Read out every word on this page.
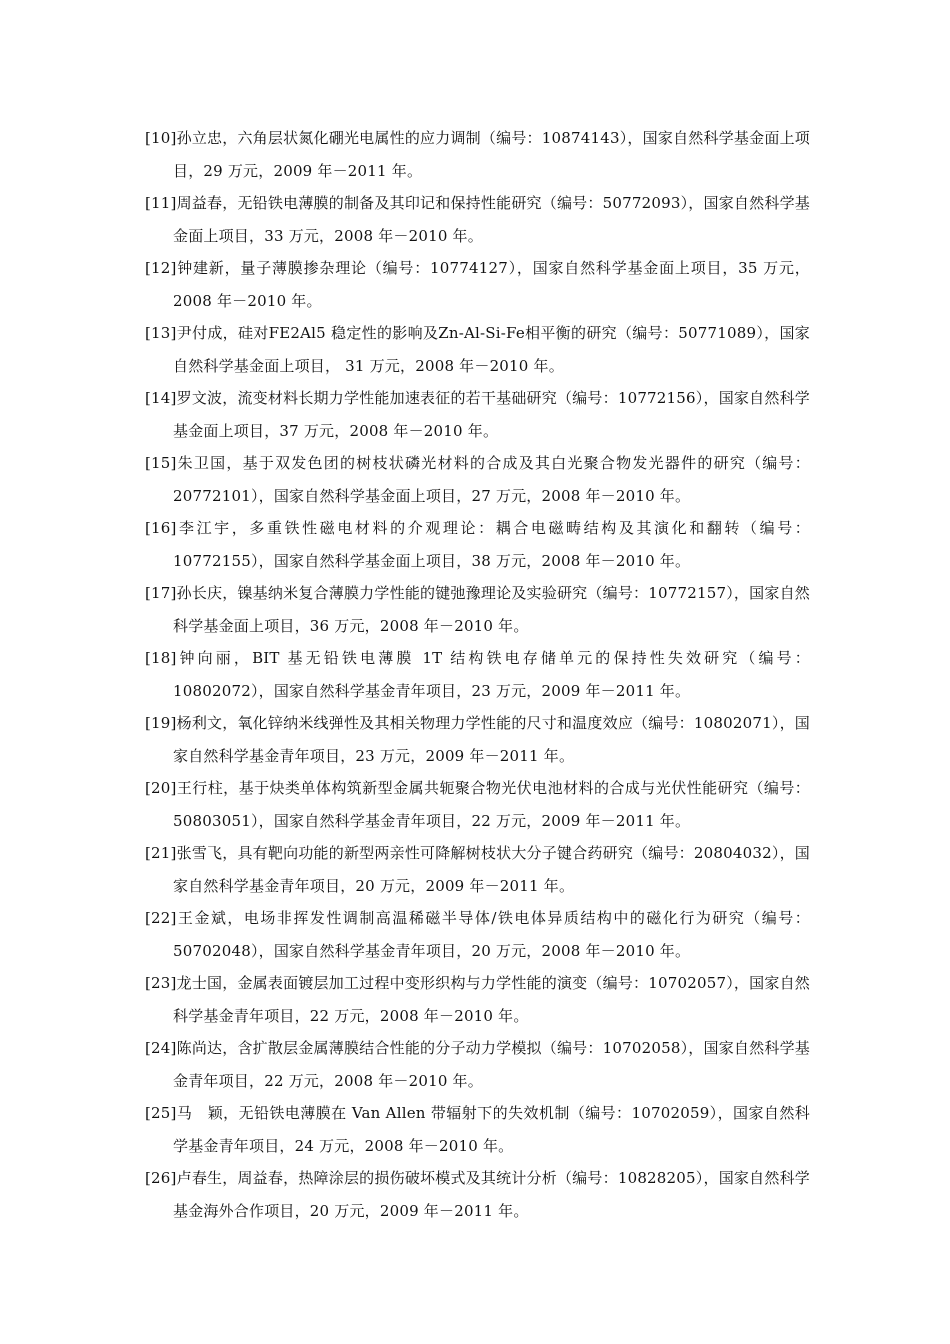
[10]孙立忠，六角层状氮化硼光电属性的应力调制（编号：10874143），国家自然科学基金面上项目，29 万元，2009 年－2011 年。
[11]周益春，无铅铁电薄膜的制备及其印记和保持性能研究（编号：50772093），国家自然科学基金面上项目，33 万元，2008 年－2010 年。
[12]钟建新，量子薄膜掺杂理论（编号：10774127），国家自然科学基金面上项目，35 万元，2008 年－2010 年。
[13]尹付成，硅对FE2Al5 稳定性的影响及Zn-Al-Si-Fe相平衡的研究（编号：50771089），国家自然科学基金面上项目， 31 万元，2008 年－2010 年。
[14]罗文波，流变材料长期力学性能加速表征的若干基础研究（编号：10772156），国家自然科学基金面上项目，37 万元，2008 年－2010 年。
[15]朱卫国，基于双发色团的树枝状磷光材料的合成及其白光聚合物发光器件的研究（编号：20772101），国家自然科学基金面上项目，27 万元，2008 年－2010 年。
[16]李江宇，多重铁性磁电材料的介观理论：耦合电磁畴结构及其演化和翻转（编号：10772155），国家自然科学基金面上项目，38 万元，2008 年－2010 年。
[17]孙长庆，镍基纳米复合薄膜力学性能的键弛豫理论及实验研究（编号：10772157），国家自然科学基金面上项目，36 万元，2008 年－2010 年。
[18]钟向丽，BIT 基无铅铁电薄膜 1T 结构铁电存储单元的保持性失效研究（编号：10802072），国家自然科学基金青年项目，23 万元，2009 年－2011 年。
[19]杨利文，氧化锌纳米线弹性及其相关物理力学性能的尺寸和温度效应（编号：10802071），国家自然科学基金青年项目，23 万元，2009 年－2011 年。
[20]王行柱，基于炔类单体构筑新型金属共轭聚合物光伏电池材料的合成与光伏性能研究（编号：50803051），国家自然科学基金青年项目，22 万元，2009 年－2011 年。
[21]张雪飞，具有靶向功能的新型两亲性可降解树枝状大分子键合药研究（编号：20804032），国家自然科学基金青年项目，20 万元，2009 年－2011 年。
[22]王金斌，电场非挥发性调制高温稀磁半导体/铁电体异质结构中的磁化行为研究（编号：50702048），国家自然科学基金青年项目，20 万元，2008 年－2010 年。
[23]龙士国，金属表面镀层加工过程中变形织构与力学性能的演变（编号：10702057），国家自然科学基金青年项目，22 万元，2008 年－2010 年。
[24]陈尚达，含扩散层金属薄膜结合性能的分子动力学模拟（编号：10702058），国家自然科学基金青年项目，22 万元，2008 年－2010 年。
[25]马　颖，无铅铁电薄膜在 Van Allen 带辐射下的失效机制（编号：10702059），国家自然科学基金青年项目，24 万元，2008 年－2010 年。
[26]卢春生，周益春，热障涂层的损伤破坏模式及其统计分析（编号：10828205），国家自然科学基金海外合作项目，20 万元，2009 年－2011 年。
